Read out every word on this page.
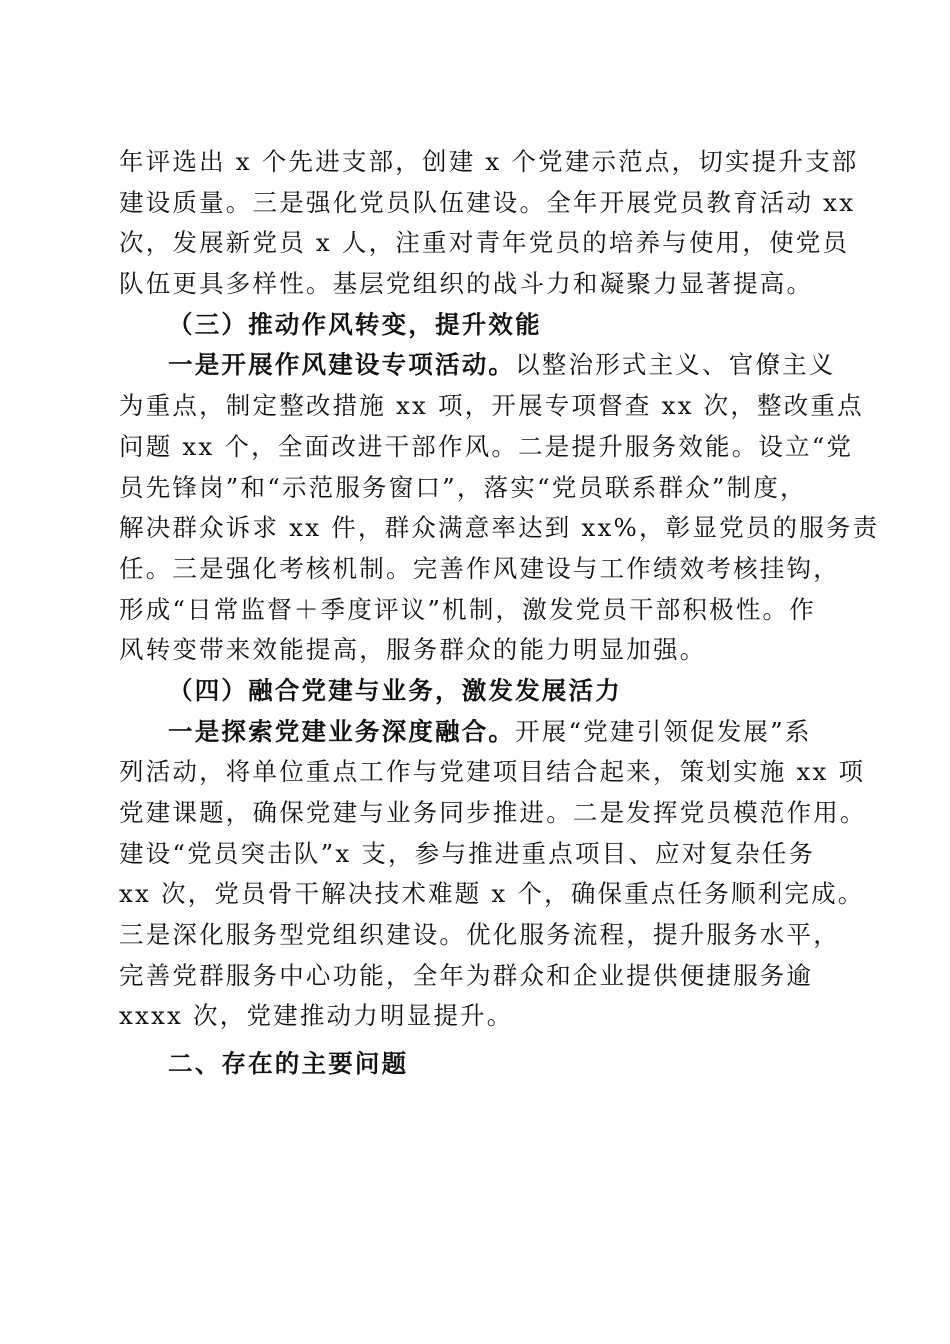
年评选出 x 个先进支部，创建 x 个党建示范点，切实提升支部
建设质量。三是强化党员队伍建设。全年开展党员教育活动 xx
次，发展新党员 x 人，注重对青年党员的培养与使用，使党员
队伍更具多样性。基层党组织的战斗力和凝聚力显著提高。
（三）推动作风转变，提升效能
一是开展作风建设专项活动。以整治形式主义、官僚主义
为重点，制定整改措施 xx 项，开展专项督查 xx 次，整改重点
问题 xx 个，全面改进干部作风。二是提升服务效能。设立“党
员先锋岗”和“示范服务窗口”，落实“党员联系群众”制度，
解决群众诉求 xx 件，群众满意率达到 xx%，彰显党员的服务责
任。三是强化考核机制。完善作风建设与工作绩效考核挂钩，
形成“日常监督＋季度评议”机制，激发党员干部积极性。作
风转变带来效能提高，服务群众的能力明显加强。
（四）融合党建与业务，激发发展活力
一是探索党建业务深度融合。开展“党建引领促发展”系
列活动，将单位重点工作与党建项目结合起来，策划实施 xx 项
党建课题，确保党建与业务同步推进。二是发挥党员模范作用。
建设“党员突击队”x 支，参与推进重点项目、应对复杂任务
xx 次，党员骨干解决技术难题 x 个，确保重点任务顺利完成。
三是深化服务型党组织建设。优化服务流程，提升服务水平，
完善党群服务中心功能，全年为群众和企业提供便捷服务逾
xxxx 次，党建推动力明显提升。
二、存在的主要问题
